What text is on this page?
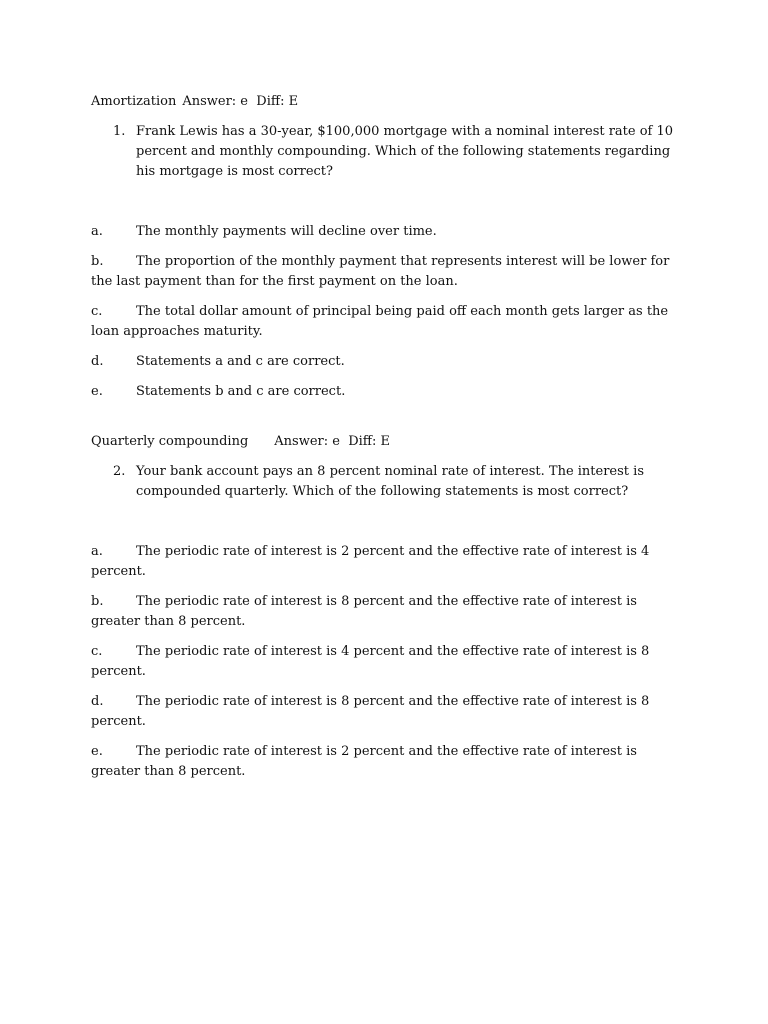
Amortization Answer: e  Diff: E
1. Frank Lewis has a 30-year, $100,000 mortgage with a nominal interest rate of 10 percent and monthly compounding. Which of the following statements regarding his mortgage is most correct?
a.	The monthly payments will decline over time.
b.	The proportion of the monthly payment that represents interest will be lower for the last payment than for the first payment on the loan.
c.	The total dollar amount of principal being paid off each month gets larger as the loan approaches maturity.
d.	Statements a and c are correct.
e.	Statements b and c are correct.
Quarterly compounding Answer: e  Diff: E
2. Your bank account pays an 8 percent nominal rate of interest. The interest is compounded quarterly. Which of the following statements is most correct?
a.	The periodic rate of interest is 2 percent and the effective rate of interest is 4 percent.
b.	The periodic rate of interest is 8 percent and the effective rate of interest is greater than 8 percent.
c.	The periodic rate of interest is 4 percent and the effective rate of interest is 8 percent.
d.	The periodic rate of interest is 8 percent and the effective rate of interest is 8 percent.
e.	The periodic rate of interest is 2 percent and the effective rate of interest is greater than 8 percent.
